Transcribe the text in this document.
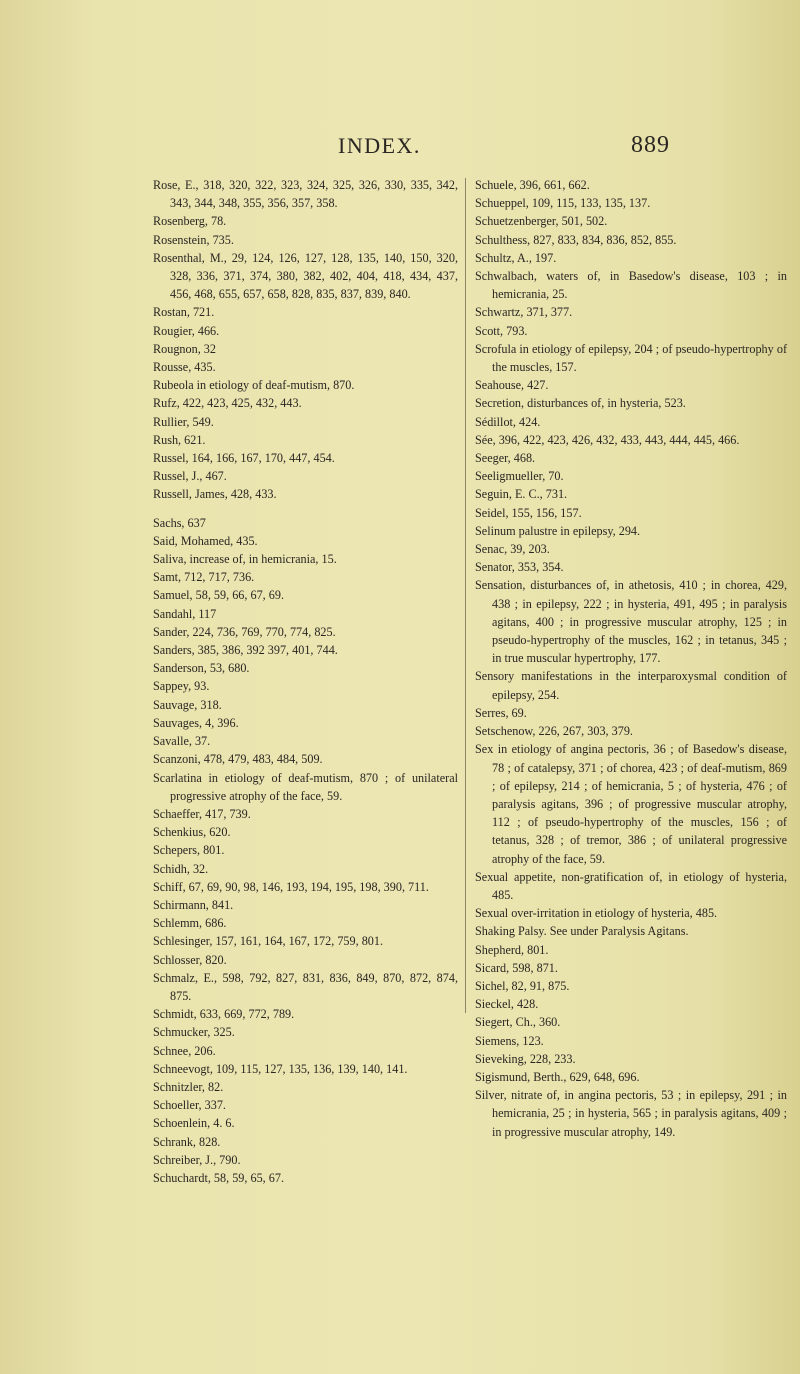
INDEX.	889
Rose, E., 318, 320, 322, 323, 324, 325, 326, 330, 335, 342, 343, 344, 348, 355, 356, 357, 358.
Rosenberg, 78.
Rosenstein, 735.
Rosenthal, M., 29, 124, 126, 127, 128, 135, 140, 150, 320, 328, 336, 371, 374, 380, 382, 402, 404, 418, 434, 437, 456, 468, 655, 657, 658, 828, 835, 837, 839, 840.
Rostan, 721.
Rougier, 466.
Rougnon, 32
Rousse, 435.
Rubeola in etiology of deaf-mutism, 870.
Rufz, 422, 423, 425, 432, 443.
Rullier, 549.
Rush, 621.
Russel, 164, 166, 167, 170, 447, 454.
Russel, J., 467.
Russell, James, 428, 433.
Sachs, 637
Said, Mohamed, 435.
Saliva, increase of, in hemicrania, 15.
Samt, 712, 717, 736.
Samuel, 58, 59, 66, 67, 69.
Sandahl, 117
Sander, 224, 736, 769, 770, 774, 825.
Sanders, 385, 386, 392 397, 401, 744.
Sanderson, 53, 680.
Sappey, 93.
Sauvage, 318.
Sauvages, 4, 396.
Savalle, 37.
Scanzoni, 478, 479, 483, 484, 509.
Scarlatina in etiology of deaf-mutism, 870 ; of unilateral progressive atrophy of the face, 59.
Schaeffer, 417, 739.
Schenkius, 620.
Schepers, 801.
Schidh, 32.
Schiff, 67, 69, 90, 98, 146, 193, 194, 195, 198, 390, 711.
Schirmann, 841.
Schlemm, 686.
Schlesinger, 157, 161, 164, 167, 172, 759, 801.
Schlosser, 820.
Schmalz, E., 598, 792, 827, 831, 836, 849, 870, 872, 874, 875.
Schmidt, 633, 669, 772, 789.
Schmucker, 325.
Schnee, 206.
Schneevogt, 109, 115, 127, 135, 136, 139, 140, 141.
Schnitzler, 82.
Schoeller, 337.
Schoenlein, 4. 6.
Schrank, 828.
Schreiber, J., 790.
Schuchardt, 58, 59, 65, 67.
Schuele, 396, 661, 662.
Schueppel, 109, 115, 133, 135, 137.
Schuetzenberger, 501, 502.
Schulthess, 827, 833, 834, 836, 852, 855.
Schultz, A., 197.
Schwalbach, waters of, in Basedow's disease, 103 ; in hemicrania, 25.
Schwartz, 371, 377.
Scott, 793.
Scrofula in etiology of epilepsy, 204 ; of pseudo-hypertrophy of the muscles, 157.
Seahouse, 427.
Secretion, disturbances of, in hysteria, 523.
Sédillot, 424.
Sée, 396, 422, 423, 426, 432, 433, 443, 444, 445, 466.
Seeger, 468.
Seeligmueller, 70.
Seguin, E. C., 731.
Seidel, 155, 156, 157.
Selinum palustre in epilepsy, 294.
Senac, 39, 203.
Senator, 353, 354.
Sensation, disturbances of, in athetosis, 410 ; in chorea, 429, 438 ; in epilepsy, 222 ; in hysteria, 491, 495 ; in paralysis agitans, 400 ; in progressive muscular atrophy, 125 ; in pseudo-hypertrophy of the muscles, 162 ; in tetanus, 345 ; in true muscular hypertrophy, 177.
Sensory manifestations in the interparoxysmal condition of epilepsy, 254.
Serres, 69.
Setschenow, 226, 267, 303, 379.
Sex in etiology of angina pectoris, 36 ; of Basedow's disease, 78 ; of catalepsy, 371 ; of chorea, 423 ; of deaf-mutism, 869 ; of epilepsy, 214 ; of hemicrania, 5 ; of hysteria, 476 ; of paralysis agitans, 396 ; of progressive muscular atrophy, 112 ; of pseudo-hypertrophy of the muscles, 156 ; of tetanus, 328 ; of tremor, 386 ; of unilateral progressive atrophy of the face, 59.
Sexual appetite, non-gratification of, in etiology of hysteria, 485.
Sexual over-irritation in etiology of hysteria, 485.
Shaking Palsy. See under Paralysis Agitans.
Shepherd, 801.
Sicard, 598, 871.
Sichel, 82, 91, 875.
Sieckel, 428.
Siegert, Ch., 360.
Siemens, 123.
Sieveking, 228, 233.
Sigismund, Berth., 629, 648, 696.
Silver, nitrate of, in angina pectoris, 53 ; in epilepsy, 291 ; in hemicrania, 25 ; in hysteria, 565 ; in paralysis agitans, 409 ; in progressive muscular atrophy, 149.
